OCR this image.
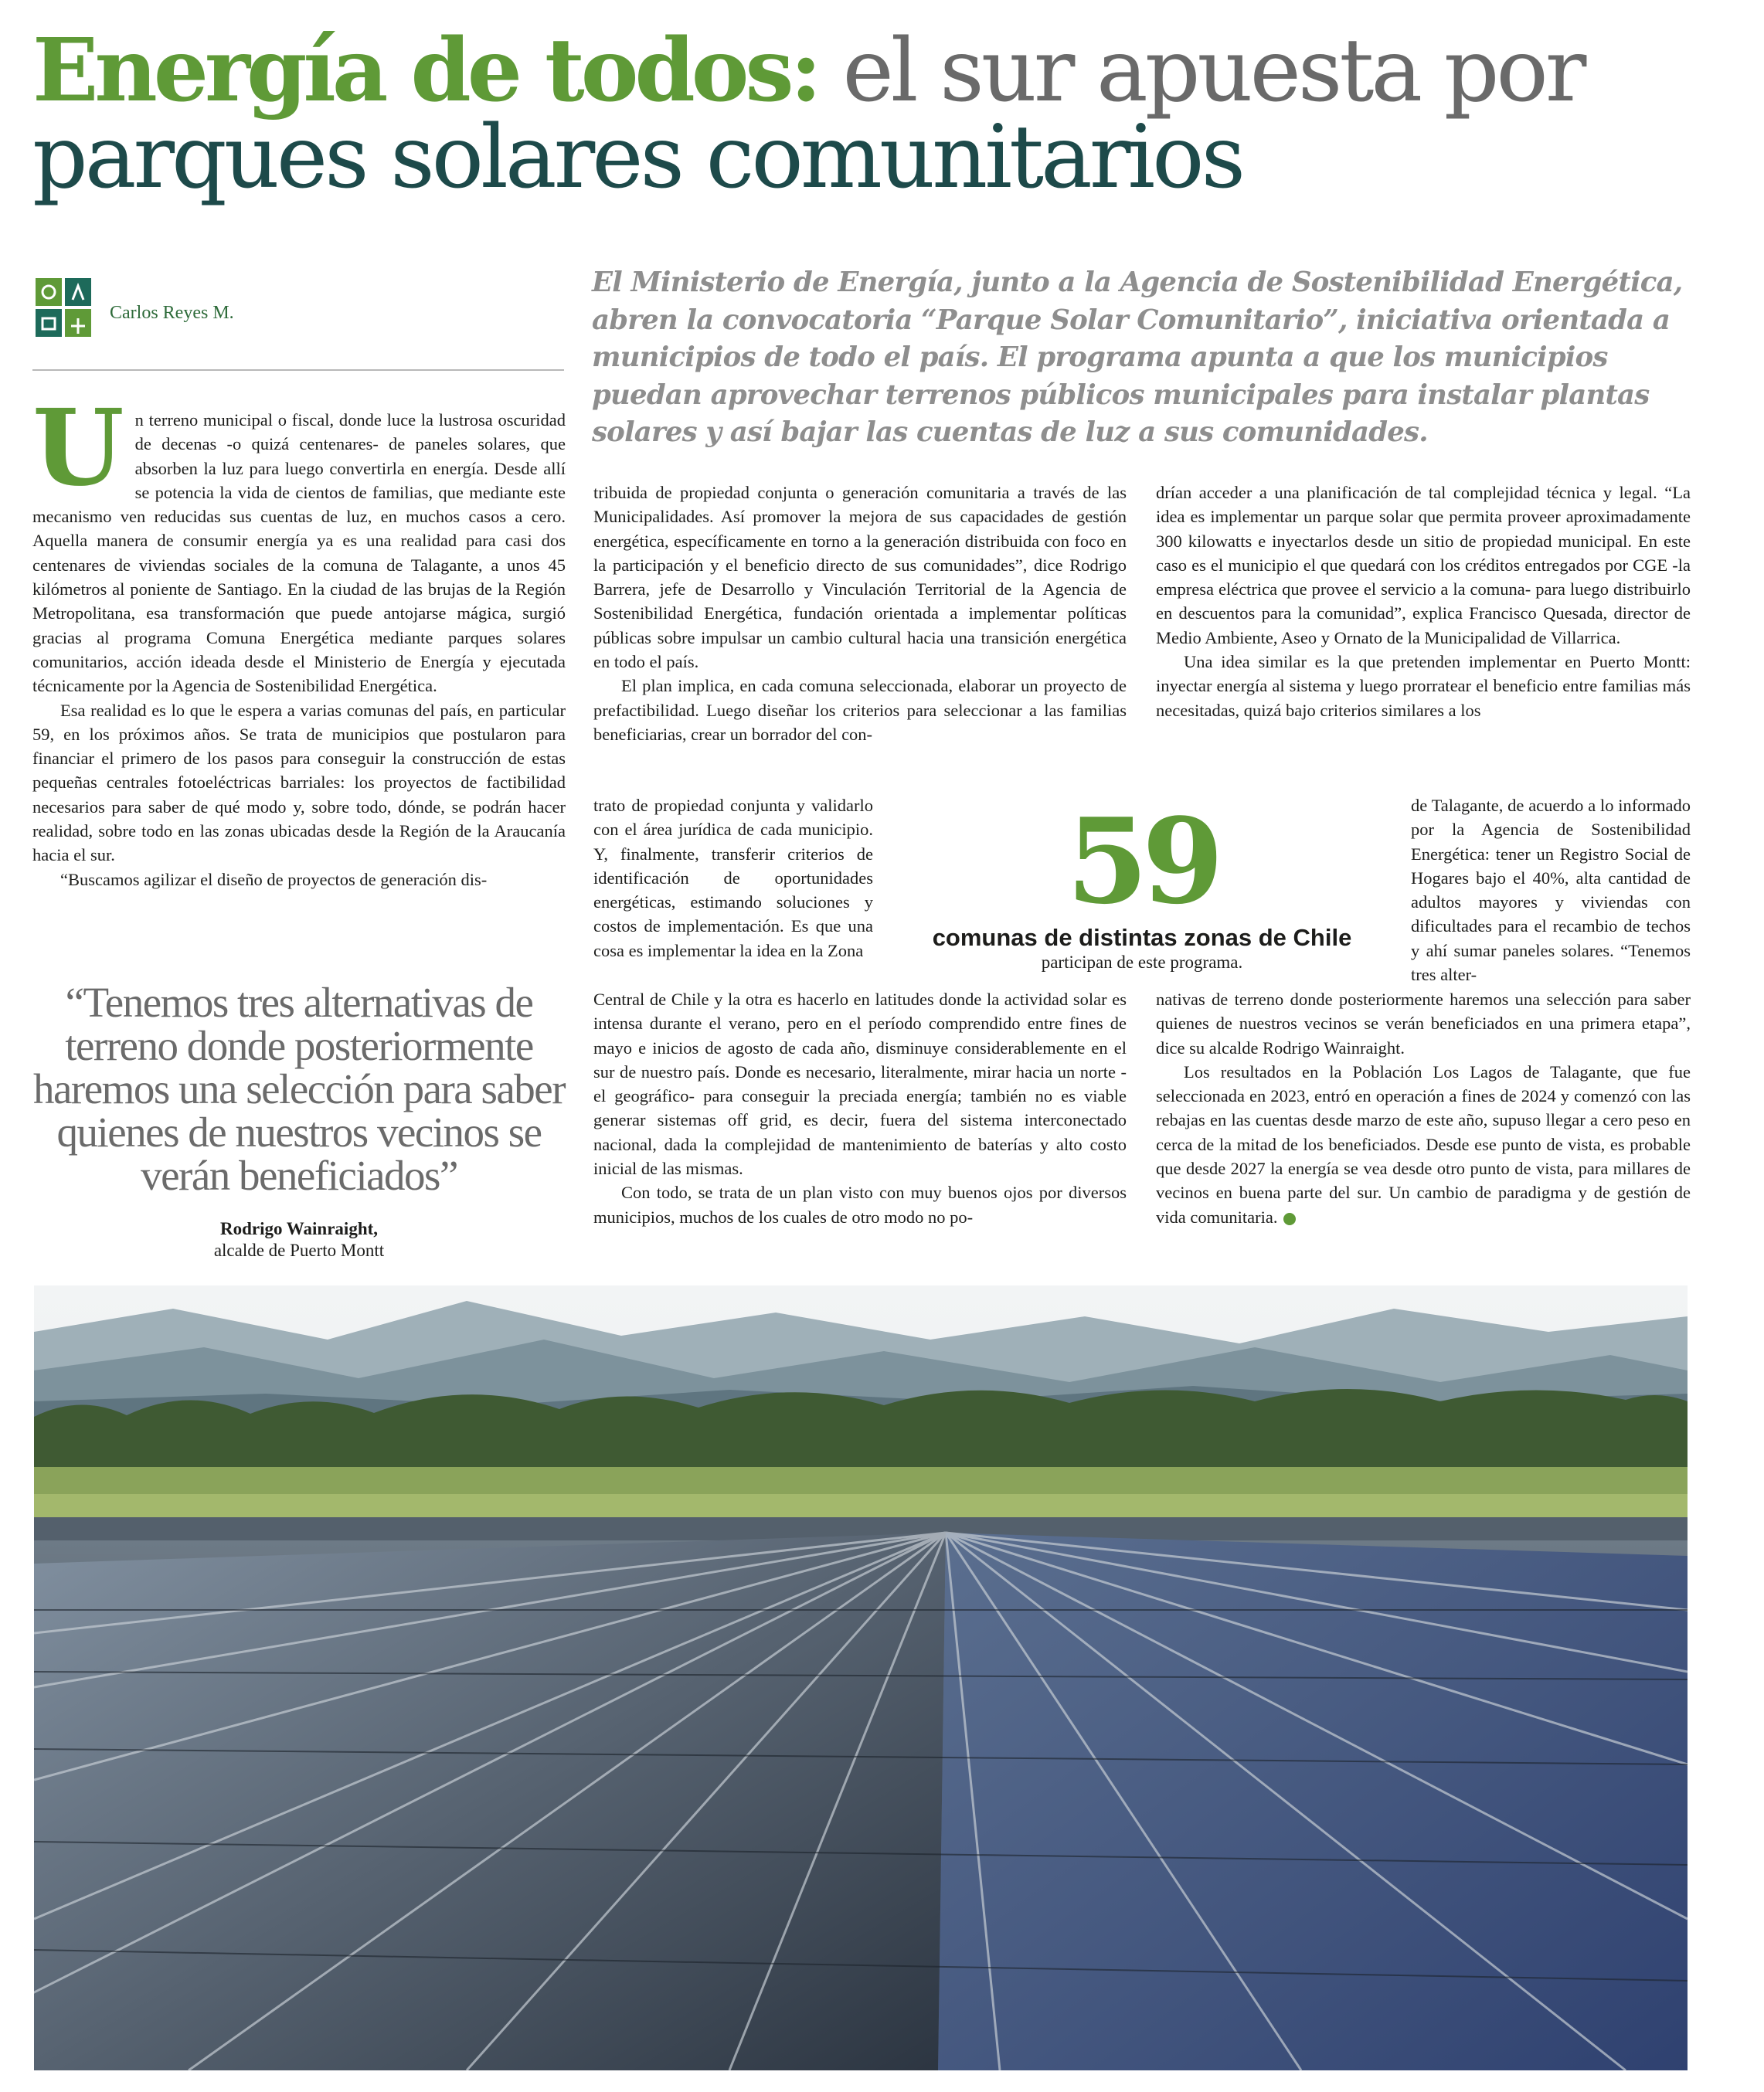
Energía de todos: el sur apuesta por
parques solares comunitarios
Carlos Reyes M.

El Ministerio de Energía, junto a la Agencia de Sostenibilidad Energética, abren la convocatoria “Parque Solar Comunitario”, iniciativa orientada a municipios de todo el país. El programa apunta a que los municipios puedan aprovechar terrenos públicos municipales para instalar plantas solares y así bajar las cuentas de luz a sus comunidades.

Un terreno municipal o fiscal, donde luce la lustrosa oscuridad de decenas -o quizá centenares- de paneles solares, que absorben la luz para luego convertirla en energía. Desde allí se potencia la vida de cientos de familias, que mediante este mecanismo ven reducidas sus cuentas de luz, en muchos casos a cero. Aquella manera de consumir energía ya es una realidad para casi dos centenares de viviendas sociales de la comuna de Talagante, a unos 45 kilómetros al poniente de Santiago. En la ciudad de las brujas de la Región Metropolitana, esa transformación que puede antojarse mágica, surgió gracias al programa Comuna Energética mediante parques solares comunitarios, acción ideada desde el Ministerio de Energía y ejecutada técnicamente por la Agencia de Sostenibilidad Energética.

Esa realidad es lo que le espera a varias comunas del país, en particular 59, en los próximos años. Se trata de municipios que postularon para financiar el primero de los pasos para conseguir la construcción de estas pequeñas centrales fotoeléctricas barriales: los proyectos de factibilidad necesarios para saber de qué modo y, sobre todo, dónde, se podrán hacer realidad, sobre todo en las zonas ubicadas desde la Región de la Araucanía hacia el sur.

“Buscamos agilizar el diseño de proyectos de generación dis-

“Tenemos tres alternativas de terreno donde posteriormente haremos una selección para saber quienes de nuestros vecinos se verán beneficiados”
Rodrigo Wainraight,
alcalde de Puerto Montt

tribuida de propiedad conjunta o generación comunitaria a través de las Municipalidades. Así promover la mejora de sus capacidades de gestión energética, específicamente en torno a la generación distribuida con foco en la participación y el beneficio directo de sus comunidades”, dice Rodrigo Barrera, jefe de Desarrollo y Vinculación Territorial de la Agencia de Sostenibilidad Energética, fundación orientada a implementar políticas públicas sobre impulsar un cambio cultural hacia una transición energética en todo el país.

El plan implica, en cada comuna seleccionada, elaborar un proyecto de prefactibilidad. Luego diseñar los criterios para seleccionar a las familias beneficiarias, crear un borrador del con-

trato de propiedad conjunta y validarlo con el área jurídica de cada municipio. Y, finalmente, transferir criterios de identificación de oportunidades energéticas, estimando soluciones y costos de implementación. Es que una cosa es implementar la idea en la Zona

Central de Chile y la otra es hacerlo en latitudes donde la actividad solar es intensa durante el verano, pero en el período comprendido entre fines de mayo e inicios de agosto de cada año, disminuye considerablemente en el sur de nuestro país. Donde es necesario, literalmente, mirar hacia un norte -el geográfico- para conseguir la preciada energía; también no es viable generar sistemas off grid, es decir, fuera del sistema interconectado nacional, dada la complejidad de mantenimiento de baterías y alto costo inicial de las mismas.

Con todo, se trata de un plan visto con muy buenos ojos por diversos municipios, muchos de los cuales de otro modo no po-

59
comunas de distintas zonas de Chile
participan de este programa.

drían acceder a una planificación de tal complejidad técnica y legal. “La idea es implementar un parque solar que permita proveer aproximadamente 300 kilowatts e inyectarlos desde un sitio de propiedad municipal. En este caso es el municipio el que quedará con los créditos entregados por CGE -la empresa eléctrica que provee el servicio a la comuna- para luego distribuirlo en descuentos para la comunidad”, explica Francisco Quesada, director de Medio Ambiente, Aseo y Ornato de la Municipalidad de Villarrica.

Una idea similar es la que pretenden implementar en Puerto Montt: inyectar energía al sistema y luego prorratear el beneficio entre familias más necesitadas, quizá bajo criterios similares a los

de Talagante, de acuerdo a lo informado por la Agencia de Sostenibilidad Energética: tener un Registro Social de Hogares bajo el 40%, alta cantidad de adultos mayores y viviendas con dificultades para el recambio de techos y ahí sumar paneles solares. “Tenemos tres alter-

nativas de terreno donde posteriormente haremos una selección para saber quienes de nuestros vecinos se verán beneficiados en una primera etapa”, dice su alcalde Rodrigo Wainraight.

Los resultados en la Población Los Lagos de Talagante, que fue seleccionada en 2023, entró en operación a fines de 2024 y comenzó con las rebajas en las cuentas desde marzo de este año, supuso llegar a cero peso en cerca de la mitad de los beneficiados. Desde ese punto de vista, es probable que desde 2027 la energía se vea desde otro punto de vista, para millares de vecinos en buena parte del sur. Un cambio de paradigma y de gestión de vida comunitaria.
